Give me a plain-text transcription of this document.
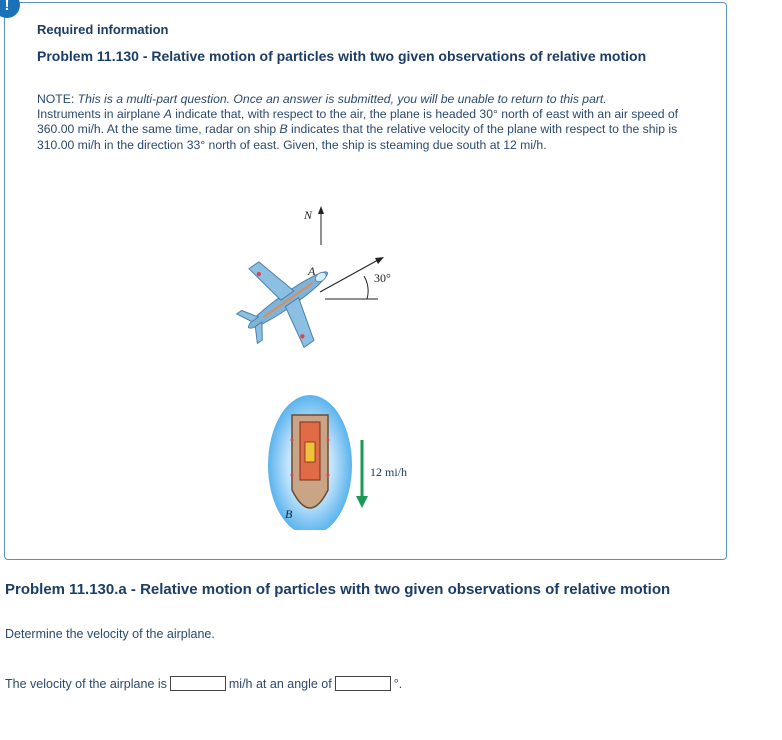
!
Required information
Problem 11.130 - Relative motion of particles with two given observations of relative motion
NOTE: This is a multi-part question. Once an answer is submitted, you will be unable to return to this part.
Instruments in airplane A indicate that, with respect to the air, the plane is headed 30° north of east with an air speed of 360.00 mi/h. At the same time, radar on ship B indicates that the relative velocity of the plane with respect to the ship is 310.00 mi/h in the direction 33° north of east. Given, the ship is steaming due south at 12 mi/h.
N
A	30°
B
12 mi/h
Problem 11.130.a - Relative motion of particles with two given observations of relative motion
Determine the velocity of the airplane.
The velocity of the airplane is	mi/h at an angle of	°.
